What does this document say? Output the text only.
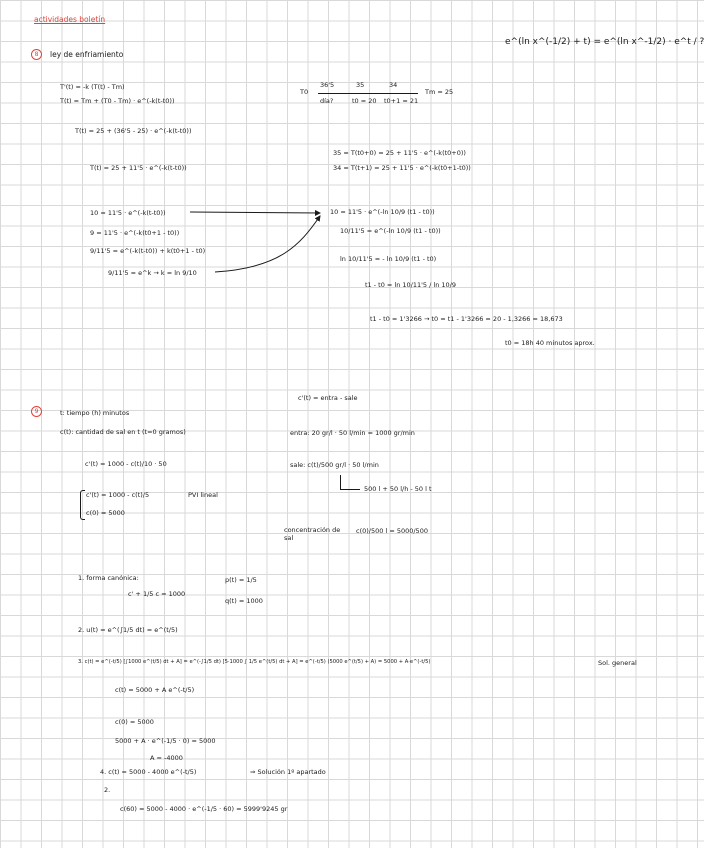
actividades boletín
e^(ln x^(-1/2) + t) = e^(ln x^-1/2) · e^t / ?
8	ley de enfriamiento
T'(t) = -k (T(t) - Tm)
T(t) = Tm + (T0 - Tm) · e^(-k(t-t0))
T(t) = 25 + (36'5 - 25) · e^(-k(t-t0))
T(t) = 25 + 11'5 · e^(-k(t-t0))
T0
36'5	35	34
día?	t0 = 20 t0+1 = 21
Tm = 25
35 = T(t0+0) = 25 + 11'5 · e^(-k(t0+0))
34 = T(t+1) = 25 + 11'5 · e^(-k(t0+1-t0))
10 = 11'5 · e^(-k(t-t0))
9 = 11'5 · e^(-k(t0+1 - t0))
9/11'5 = e^(-k(t-t0)) + k(t0+1 - t0)
9/11'5 = e^k → k = ln 9/10
10 = 11'5 · e^(-ln 10/9 (t1 - t0))
10/11'5 = e^(-ln 10/9 (t1 - t0))
ln 10/11'5 = - ln 10/9 (t1 - t0)
t1 - t0 = ln 10/11'5 / ln 10/9
t1 - t0 = 1'3266 → t0 = t1 - 1'3266 = 20 - 1,3266 = 18,673
t0 = 18h 40 minutos aprox.
c'(t) = entra - sale
9	t: tiempo (h) minutos
c(t): cantidad de sal en t (t=0 gramos)	entra: 20 gr/l · 50 l/min = 1000 gr/min
sale: c(t)/500 gr/l · 50 l/min
500 l + 50 l/h - 50 l t
concentración de sal
c(0)/500 l = 5000/500
c'(t) = 1000 - c(t)/10 · 50
c'(t) = 1000 - c(t)/5	PVI lineal
c(0) = 5000
1. forma canónica:
c' + 1/5 c = 1000
p(t) = 1/5
q(t) = 1000
2. u(t) = e^(∫1/5 dt) = e^(t/5)
3. c(t) = e^(-t/5) [∫1000 e^(t/5) dt + A] = e^(-∫1/5 dt) [5·1000 ∫ 1/5 e^(t/5) dt + A] = e^(-t/5) (5000 e^(t/5) + A) = 5000 + A·e^(-t/5)	Sol. general
c(t) = 5000 + A e^(-t/5)
c(0) = 5000
5000 + A · e^(-1/5 · 0) = 5000
A = -4000
4. c(t) = 5000 - 4000 e^(-t/5)	⇒ Solución 1º apartado
2.
c(60) = 5000 - 4000 · e^(-1/5 · 60) = 5999'9245 gr
